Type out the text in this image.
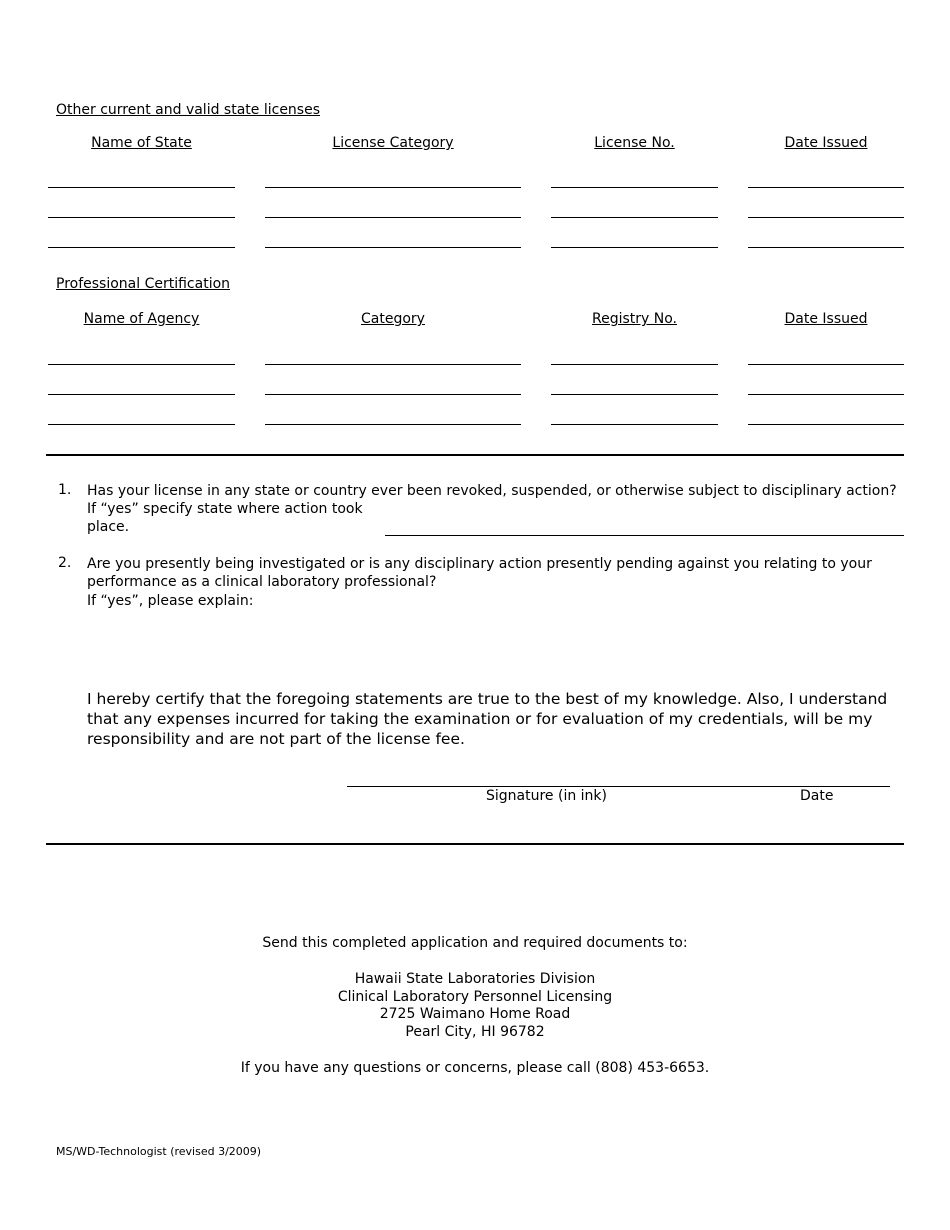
Other current and valid state licenses
Name of State	License Category	License No.	Date Issued
Professional Certification
Name of Agency	Category	Registry No.	Date Issued
1. Has your license in any state or country ever been revoked, suspended, or otherwise subject to disciplinary action?
If “yes” specify state where action took
place.
2. Are you presently being investigated or is any disciplinary action presently pending against you relating to your performance as a clinical laboratory professional?
If “yes”, please explain:
I hereby certify that the foregoing statements are true to the best of my knowledge. Also, I understand that any expenses incurred for taking the examination or for evaluation of my credentials, will be my responsibility and are not part of the license fee.
Signature (in ink)	Date
Send this completed application and required documents to:
Hawaii State Laboratories Division
Clinical Laboratory Personnel Licensing
2725 Waimano Home Road
Pearl City, HI 96782
If you have any questions or concerns, please call (808) 453-6653.
MS/WD-Technologist (revised 3/2009)
